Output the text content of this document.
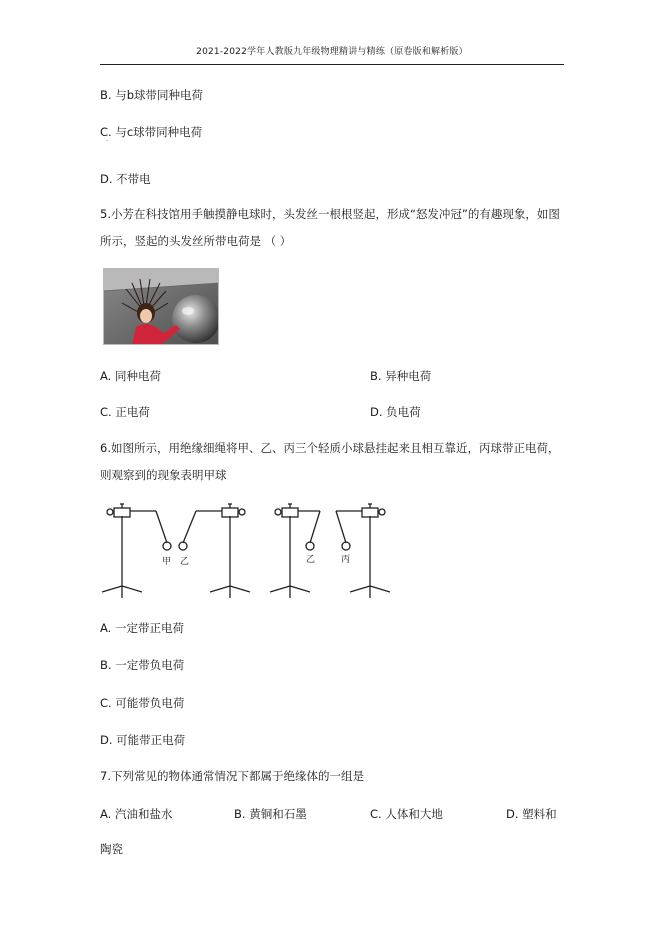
2021-2022学年人教版九年级物理精讲与精练（原卷版和解析版）
B. 与b球带同种电荷
C. 与c球带同种电荷
·
D. 不带电
5.小芳在科技馆用手触摸静电球时，头发丝一根根竖起，形成“怒发冲冠”的有趣现象，如图
所示，竖起的头发丝所带电荷是 （ ）
A. 同种电荷	B. 异种电荷
C. 正电荷	D. 负电荷
6.如图所示，用绝缘细绳将甲、乙、丙三个轻质小球悬挂起来且相互靠近，丙球带正电荷，
则观察到的现象表明甲球
甲 乙	乙	丙
A. 一定带正电荷
B. 一定带负电荷
C. 可能带负电荷
D. 可能带正电荷
7.下列常见的物体通常情况下都属于绝缘体的一组是
A. 汽油和盐水
·
B. 黄铜和石墨	C. 人体和大地	D. 塑料和
陶瓷
